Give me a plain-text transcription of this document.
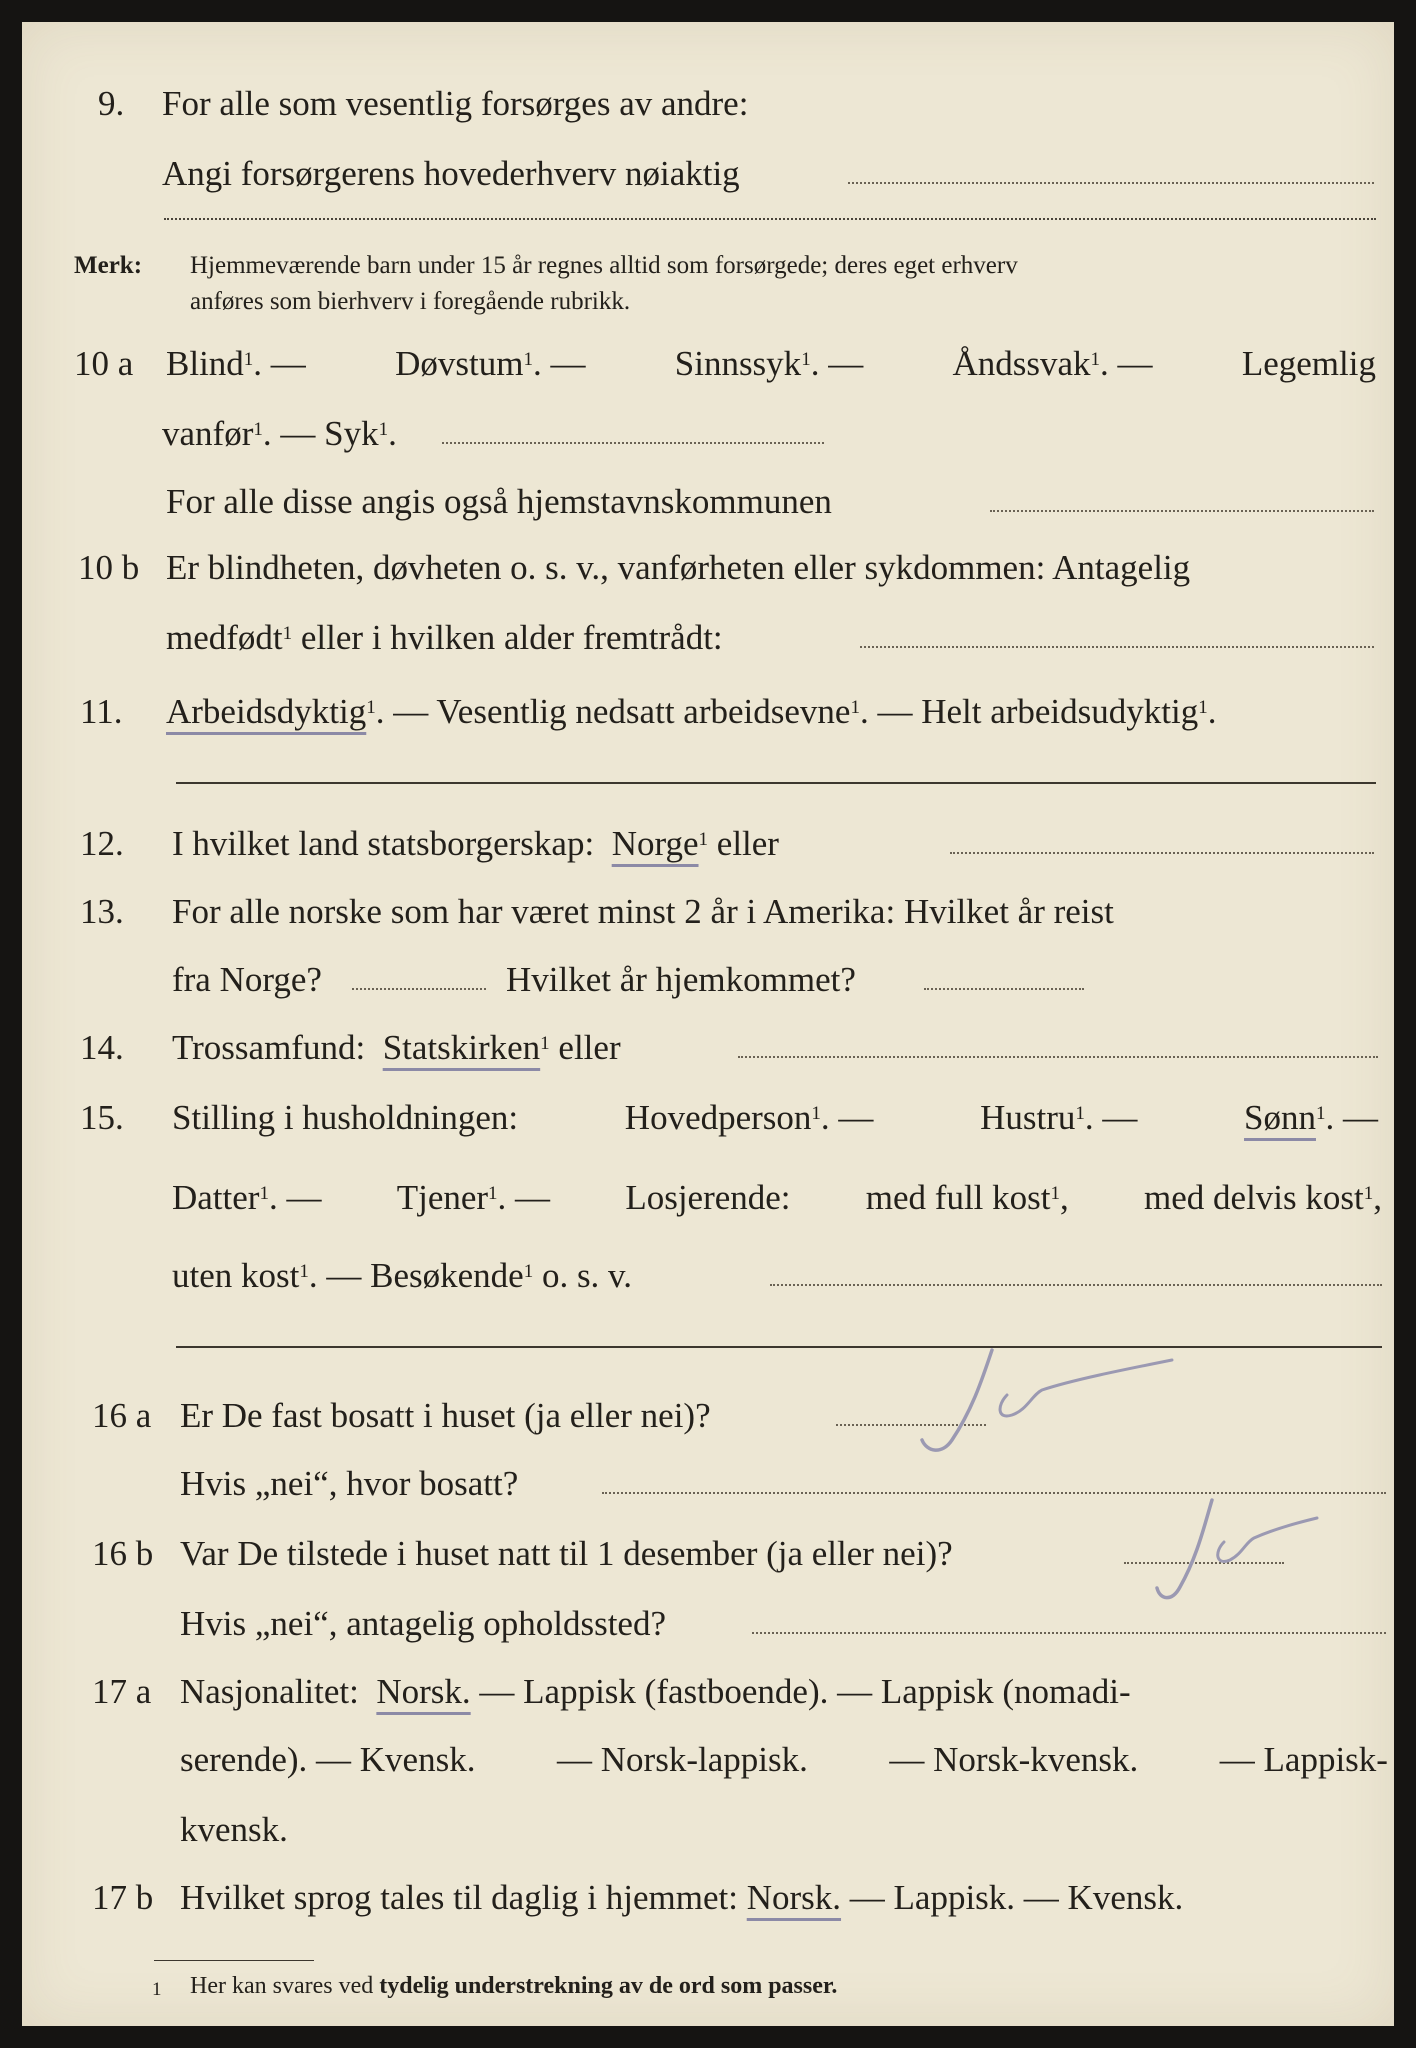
9. For alle som vesentlig forsørges av andre:
Angi forsørgerens hovederhverv nøiaktig
Merk: Hjemmeværende barn under 15 år regnes alltid som forsørgede; deres eget erhverv
anføres som bierhverv i foregående rubrikk.
10 a Blind$^1$. —	Døvstum$^1$. —	Sinnssyk$^1$. —	Åndssvak$^1$. —	Legemlig
vanfør$^1$. — Syk$^1$.
For alle disse angis også hjemstavnskommunen
10 b Er blindheten, døvheten o. s. v., vanførheten eller sykdommen: Antagelig
medfødt$^1$ eller i hvilken alder fremtrådt:
11. Arbeidsdyktig$^1$. — Vesentlig nedsatt arbeidsevne$^1$. — Helt arbeidsudyktig$^1$.
12. I hvilket land statsborgerskap: Norge$^1$ eller
13. For alle norske som har været minst 2 år i Amerika: Hvilket år reist
fra Norge?	Hvilket år hjemkommet?
14. Trossamfund: Statskirken$^1$ eller
15. Stilling i husholdningen:	Hovedperson$^1$. —	Hustru$^1$. —	Sønn$^1$. —
Datter$^1$. — Tjener$^1$. — Losjerende: med full kost$^1$, med delvis kost$^1$,
uten kost$^1$. — Besøkende$^1$ o. s. v.
16 a Er De fast bosatt i huset (ja eller nei)?
Hvis „nei“, hvor bosatt?
16 b Var De tilstede i huset natt til 1 desember (ja eller nei)?
Hvis „nei“, antagelig opholdssted?
17 a Nasjonalitet: Norsk. — Lappisk (fastboende). — Lappisk (nomadi-
serende). — Kvensk. — Norsk-lappisk. — Norsk-kvensk. — Lappisk-
kvensk.
17 b Hvilket sprog tales til daglig i hjemmet: Norsk. — Lappisk. — Kvensk.
1 Her kan svares ved tydelig understrekning av de ord som passer.
